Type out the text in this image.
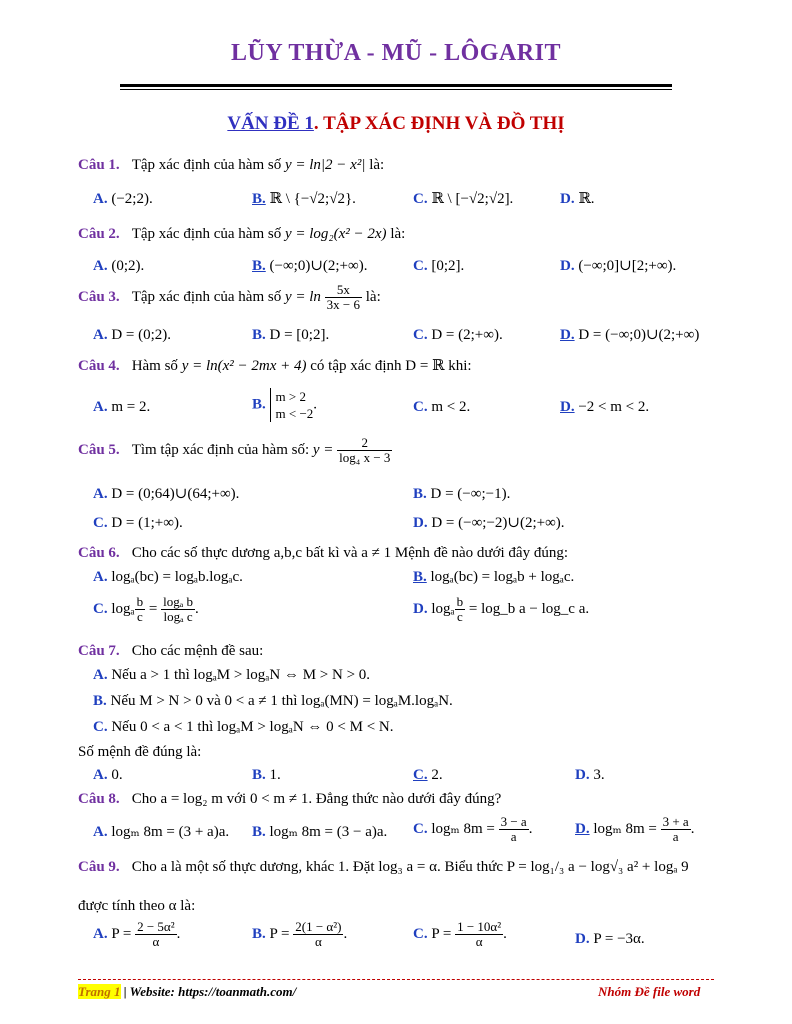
LŨY THỪA - MŨ - LÔGARIT
VẤN ĐỀ 1. TẬP XÁC ĐỊNH VÀ ĐỒ THỊ
Câu 1. Tập xác định của hàm số y = ln|2 − x²| là:
A. (−2;2).	B. ℝ \ {−√2;√2}.	C. ℝ \ [−√2;√2].	D. ℝ.
Câu 2. Tập xác định của hàm số y = log₂(x² − 2x) là:
A. (0;2).	B. (−∞;0)∪(2;+∞).	C. [0;2].	D. (−∞;0]∪[2;+∞).
Câu 3. Tập xác định của hàm số $y = \ln \frac{5x}{3x - 6}$ là:
A. D = (0;2).	B. D = [0;2].	C. D = (2;+∞).	D. D = (−∞;0)∪(2;+∞)
Câu 4. Hàm số y = ln(x² − 2mx + 4) có tập xác định D = ℝ khi:
A. m = 2.	B. m > 2
m < −2
.	C. m < 2.	D. −2 < m < 2.
Câu 5. Tìm tập xác định của hàm số: $y = \frac{2}{\text{log₄ x − 3}}$
A. D = (0;64)∪(64;+∞).	B. D = (−∞;−1).
C. D = (1;+∞).	D. D = (−∞;−2)∪(2;+∞).
Câu 6. Cho các số thực dương a,b,c bất kì và a ≠ 1 Mệnh đề nào dưới đây đúng:
A. logₐ(bc) = logₐb.logₐc.	B. logₐ(bc) = logₐb + logₐc.
C. logₐ $\frac{b}{c} = \frac{\text{logₐ b}}{\text{logₐ c}}$ .	D. logₐ $\frac{b}{c}$ = log_b a − log_c a.
Câu 7. Cho các mệnh đề sau:
A. Nếu a > 1 thì logₐM > logₐN ⇔ M > N > 0.
B. Nếu M > N > 0 và 0 < a ≠ 1 thì logₐ(MN) = logₐM.logₐN.
C. Nếu 0 < a < 1 thì logₐM > logₐN ⇔ 0 < M < N.
Số mệnh đề đúng là:
A. 0.	B. 1.	C. 2.	D. 3.
Câu 8. Cho a = log₂ m với 0 < m ≠ 1. Đẳng thức nào dưới đây đúng?
A. logₘ 8m = (3 + a)a. B. logₘ 8m = (3 − a)a. C. logₘ $8m = \frac{3 - a}{a}$ .	D. logₘ $8m = \frac{3 + a}{a}$ .
Câu 9. Cho a là một số thực dương, khác 1. Đặt log₃ a = α. Biểu thức P = log₁/₃ a − log√₃ a² + logₐ 9
được tính theo α là:
A. $P = \frac{\text{2 − 5α²}}{\alpha}$ .	B. $P = \frac{\text{2(1 − α²)}}{\alpha}$ .	C. $P = \frac{\text{1 − 10α²}}{\alpha}$ .	D. P = −3α.
Trang 1 | Website: https://toanmath.com/	Nhóm Đề file word
